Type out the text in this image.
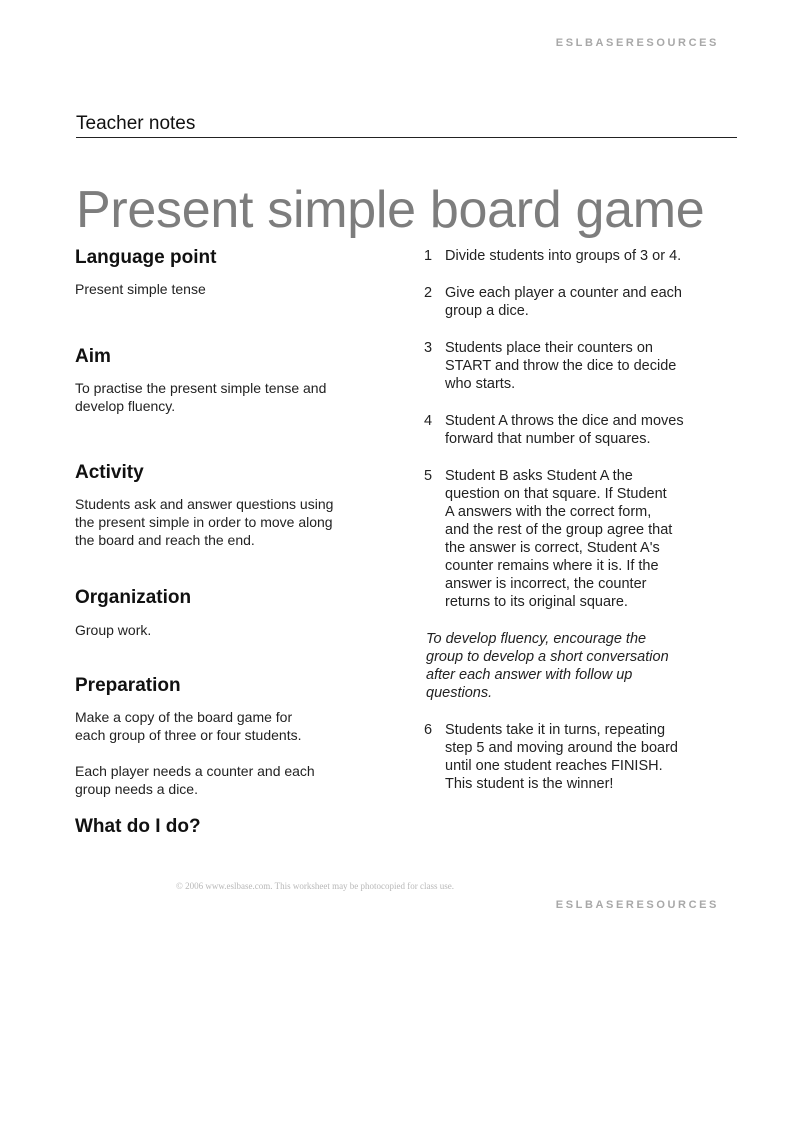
ESLBASERESOURCES
Teacher notes
Present simple board game
Language point

Present simple tense

Aim

To practise the present simple tense and
develop fluency.

Activity

Students ask and answer questions using
the present simple in order to move along
the board and reach the end.

Organization

Group work.

Preparation

Make a copy of the board game for
each group of three or four students.

Each player needs a counter and each
group needs a dice.

What do I do?
1 Divide students into groups of 3 or 4.
2 Give each player a counter and each
group a dice.
3 Students place their counters on
START and throw the dice to decide
who starts.
4 Student A throws the dice and moves
forward that number of squares.
5 Student B asks Student A the
question on that square. If Student
A answers with the correct form,
and the rest of the group agree that
the answer is correct, Student A's
counter remains where it is. If the
answer is incorrect, the counter
returns to its original square.

To develop fluency, encourage the
group to develop a short conversation
after each answer with follow up
questions.

6 Students take it in turns, repeating
step 5 and moving around the board
until one student reaches FINISH.
This student is the winner!
© 2006 www.eslbase.com. This worksheet may be photocopied for class use.
ESLBASERESOURCES
